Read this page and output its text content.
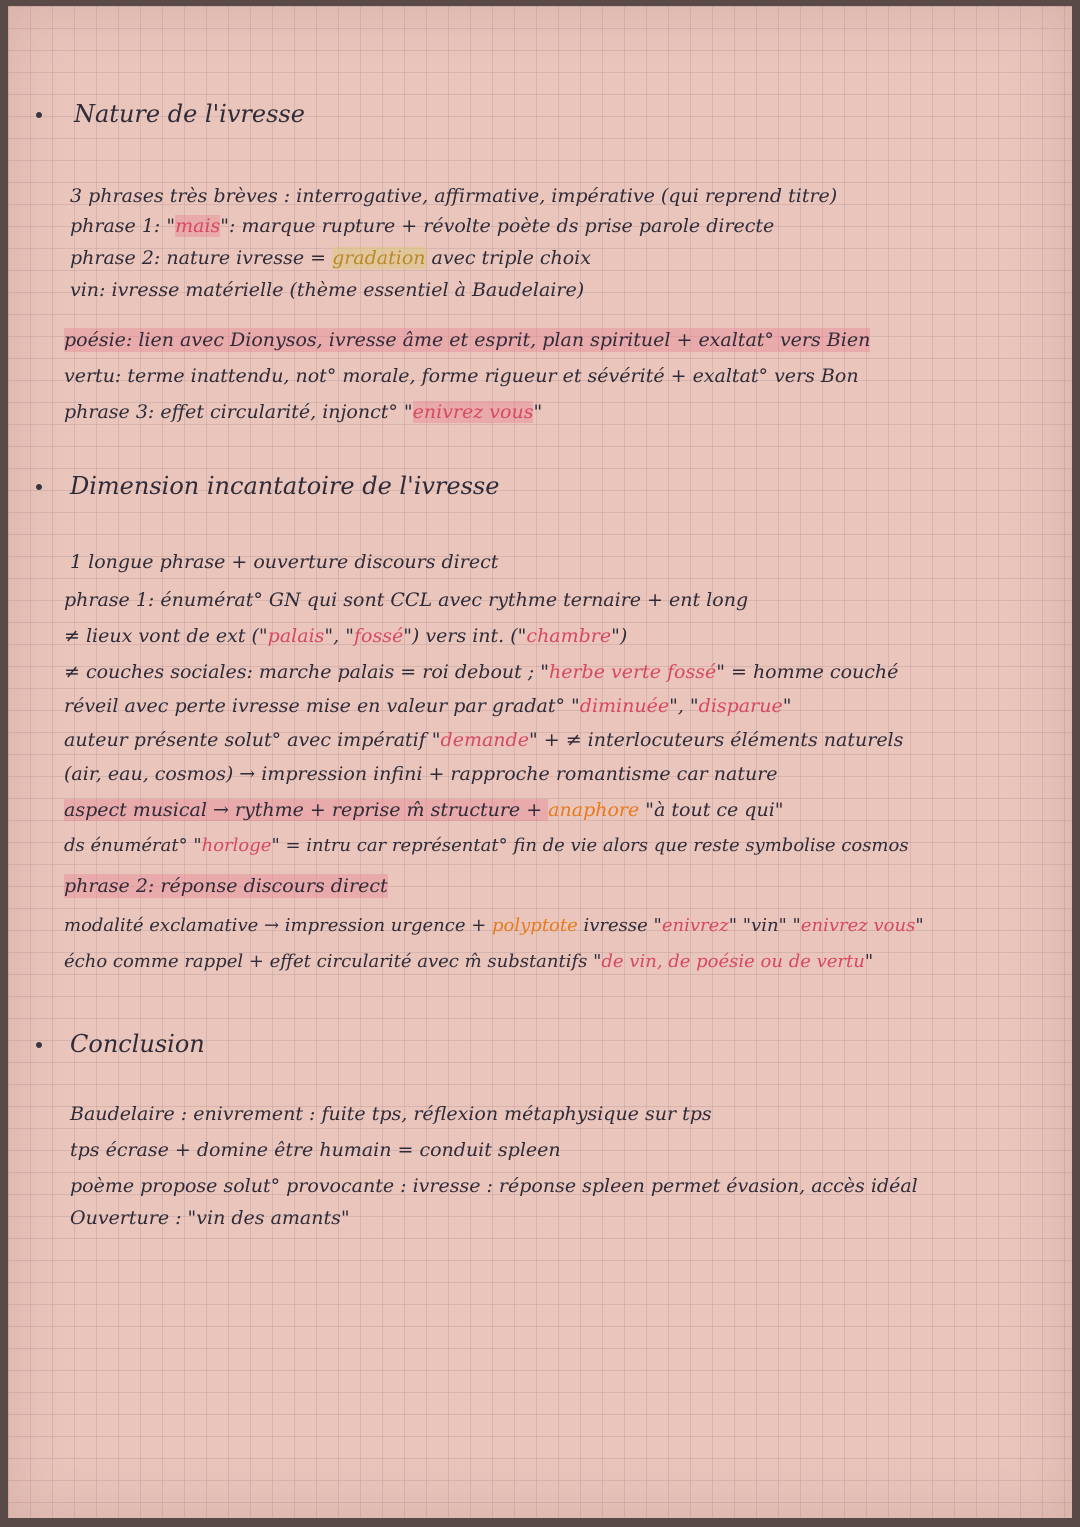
Nature de l'ivresse
3 phrases très brèves : interrogative, affirmative, impérative (qui reprend titre)
phrase 1: "mais": marque rupture + révolte poète ds prise parole directe
phrase 2: nature ivresse = gradation avec triple choix
vin: ivresse matérielle (thème essentiel à Baudelaire)
poésie: lien avec Dionysos, ivresse âme et esprit, plan spirituel + exaltat° vers Bien
vertu: terme inattendu, not° morale, forme rigueur et sévérité + exaltat° vers Bon
phrase 3: effet circularité, injonct° "enivrez vous"
Dimension incantatoire de l'ivresse
1 longue phrase + ouverture discours direct
phrase 1: énumérat° GN qui sont CCL avec rythme ternaire + ent long
≠ lieux vont de ext ("palais", "fossé") vers int. ("chambre")
≠ couches sociales: marche palais = roi debout ; "herbe verte fossé" = homme couché
réveil avec perte ivresse mise en valeur par gradat° "diminuée", "disparue"
auteur présente solut° avec impératif "demande" + ≠ interlocuteurs éléments naturels
(air, eau, cosmos) → impression infini + rapproche romantisme car nature
aspect musical → rythme + reprise m̂ structure + anaphore "à tout ce qui"
ds énumérat° "horloge" = intru car représentat° fin de vie alors que reste symbolise cosmos
phrase 2: réponse discours direct
modalité exclamative → impression urgence + polyptote ivresse "enivrez" "vin" "enivrez vous"
écho comme rappel + effet circularité avec m̂ substantifs "de vin, de poésie ou de vertu"
Conclusion
Baudelaire : enivrement : fuite tps, réflexion métaphysique sur tps
tps écrase + domine être humain = conduit spleen
poème propose solut° provocante : ivresse : réponse spleen permet évasion, accès idéal
Ouverture : "vin des amants"
